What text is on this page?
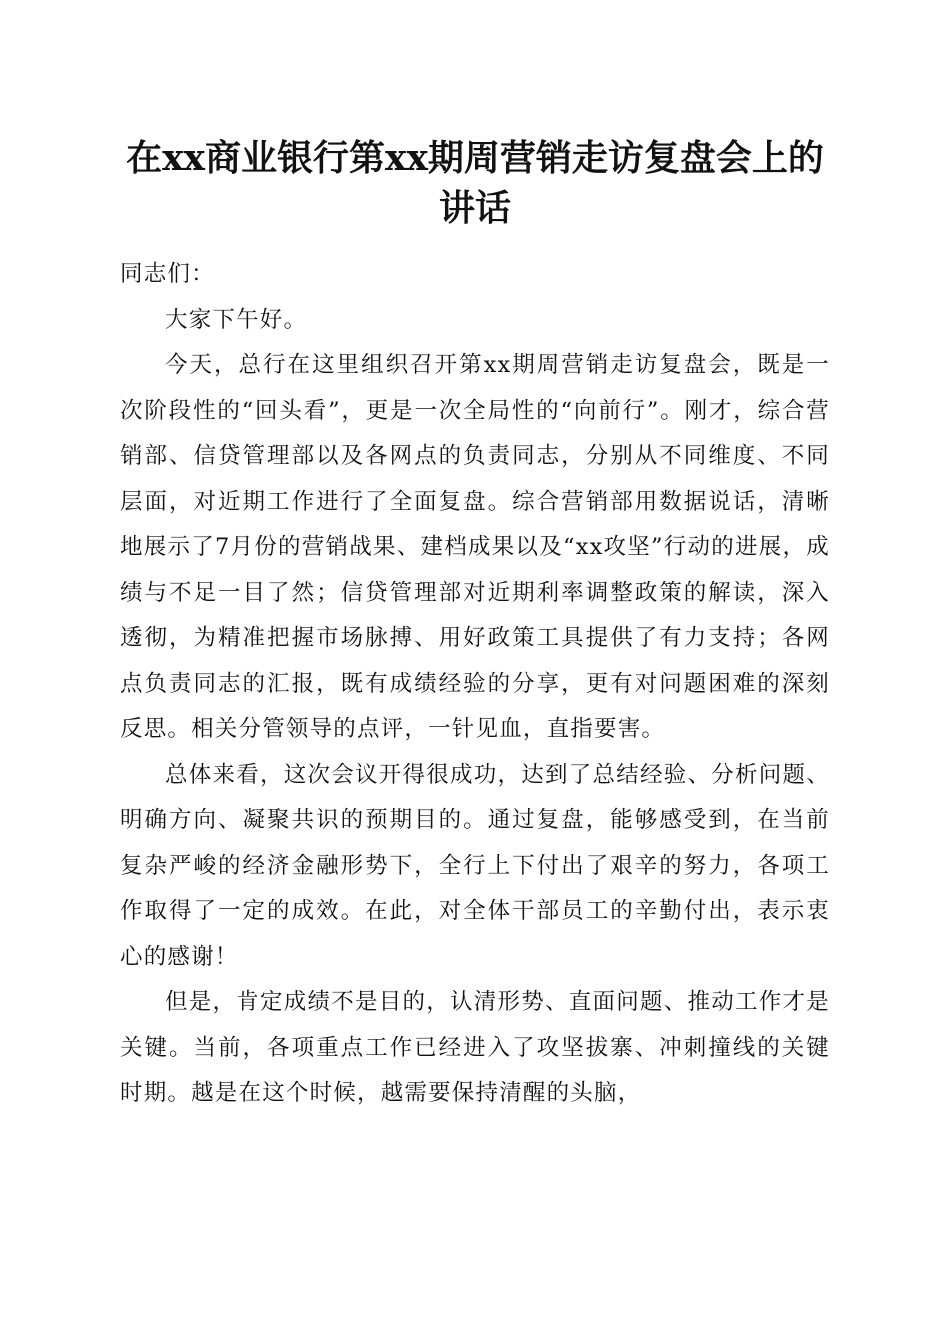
在xx商业银行第xx期周营销走访复盘会上的
讲话

同志们：

大家下午好。

今天，总行在这里组织召开第xx期周营销走访复盘会，既是一次阶段性的“回头看”，更是一次全局性的“向前行”。刚才，综合营销部、信贷管理部以及各网点的负责同志，分别从不同维度、不同层面，对近期工作进行了全面复盘。综合营销部用数据说话，清晰地展示了7月份的营销战果、建档成果以及“xx攻坚”行动的进展，成绩与不足一目了然；信贷管理部对近期利率调整政策的解读，深入透彻，为精准把握市场脉搏、用好政策工具提供了有力支持；各网点负责同志的汇报，既有成绩经验的分享，更有对问题困难的深刻反思。相关分管领导的点评，一针见血，直指要害。

总体来看，这次会议开得很成功，达到了总结经验、分析问题、明确方向、凝聚共识的预期目的。通过复盘，能够感受到，在当前复杂严峻的经济金融形势下，全行上下付出了艰辛的努力，各项工作取得了一定的成效。在此，对全体干部员工的辛勤付出，表示衷心的感谢！

但是，肯定成绩不是目的，认清形势、直面问题、推动工作才是关键。当前，各项重点工作已经进入了攻坚拔寨、冲刺撞线的关键时期。越是在这个时候，越需要保持清醒的头脑，
